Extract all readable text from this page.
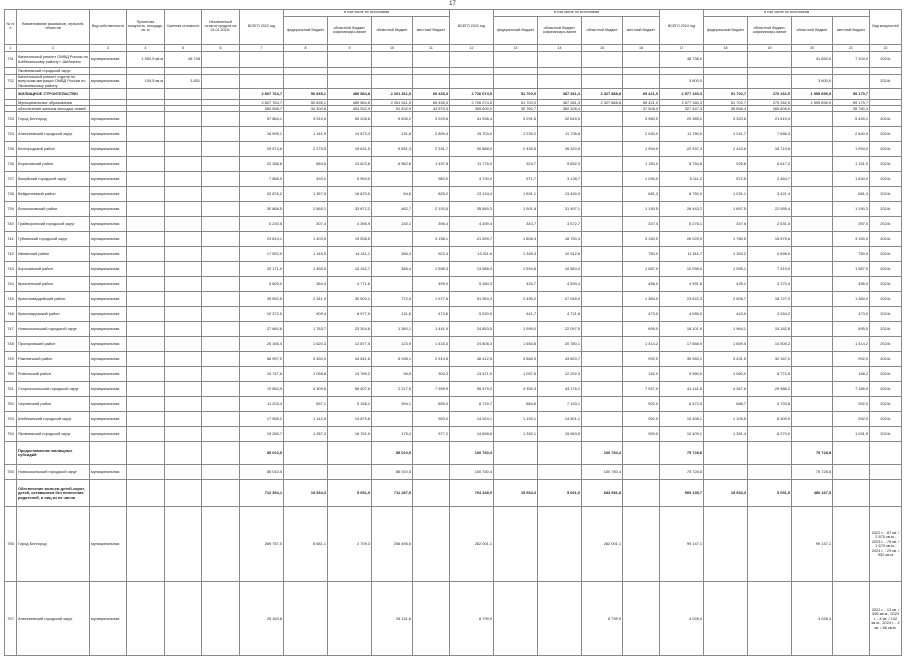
17
№ п/п	Наименование заказчиков, отраслей, объектов	Вид собственности	Проектная мощность, площадь, кв. м	Сметная стоимость	Неосвоенный остаток средств на 01.01.2022г.	ВСЕГО 2022 год	в том числе по источникам				ВСЕГО 2023 год	в том числе по источникам				ВСЕГО 2024 год	в том числе по источникам				Вид мощностей
							федеральный бюджет	областной бюджет, софинансиро-вание	областной бюджет	местный бюджет		федеральный бюджет	областной бюджет, софинансиро-вание	областной бюджет	местный бюджет		федеральный бюджет	областной бюджет, софинансиро-вание	областной бюджет	местный бюджет	
1	2	3	4	5	6	7	8	9	10	11	12	13	14	15	16	17	18	19	20	21	22
731	Капитальный ремонт ОМВД России по Шебекинскому району г. Шебекино	муниципальная	1 952,5 кв.м	48 738												48 738,0			41 854,0	7 104,0	2024г.
	Яковлевский городской округ																				
732	Капитальный ремонт отдела по вопросам миграции ОМВД России по Яковлевскому району	муниципальная	109,5 кв.м	3 831												3 800,0			3 800,0		2024г.
	ЖИЛИЩНОЕ СТРОИТЕЛЬСТВО					2 807 764,7	50 835,1	489 584,8	2 261 811,5	65 435,3	2 726 074,5	51 700,0	387 361,3	2 327 888,8	69 421,0	2 577 160,3	51 702,7	270 262,5	1 995 895,9	59 179,7	
	Муниципальные образования					2 807 764,7	50 835,1	489 584,8	2 261 811,5	65 435,3	2 726 074,5	51 700,0	387 361,3	2 327 888,8	69 421,0	2 577 160,3	51 702,7	270 262,5	1 995 895,9	59 179,7	
	обеспечение жильем молодых семей					583 598,7	34 300,8	454 532,9	51 532,9	43 575,3	455 600,0	35 760,7	382 328,4		37 508,0	327 447,3	35 858,4	265 808,6		35 780,3	
733	Город Белгород	муниципальная				57 884,1	3 910,5	50 208,8	9 835,2	3 929,6	41 938,4	3 291,5	32 649,5		3 980,0	20 389,2	3 320,6	21 619,4		5 449,1	2024г.
734	Алексеевский городской округ	муниципальная				18 995,1	1 141,9	14 873,3	131,8	2 869,4	15 703,0	1 239,2	11 735,8		2 930,0	11 780,0	1 241,7	7 656,3		2 840,0	2024г.
735	Белгородский район	муниципальная				29 574,6	2 275,5	19 631,5	5 551,3	2 331,7	30 888,0	2 439,5	26 320,5		1 994,0	22 937,4	2 443,6	18 719,8		1 994,0	2024г.
736	Борисовский район	муниципальная				22 286,8	884,5	13 823,8	6 982,6	1 497,8	11 778,0	924,7	9 852,3		1 150,0	8 754,8	926,8	6 617,0		1 151,0	2024г.
737	Валуйский городской округ	муниципальная				7 868,9	493,0	5 994,0		980,0	4 794,0	571,7	3 128,7		1 094,0	5 111,2	572,5	2 464,7		1 634,0	2024г.
738	Вейделевский район	муниципальная				20 876,2	1 357,5	16 870,5	84,6	826,2	13 134,4	1 891,1	13 430,0		681,3	8 750,0	1 031,1	3 421,4		681,3	2024г.
739	Волоконовский район	муниципальная				30 868,5	2 565,1	33 872,2	482,7	2 193,5	35 689,3	1 901,8	31 497,1		1 190,5	26 443,2	1 897,5	22 955,4		1 190,3	2024г.
740	Грайворонский городской округ	муниципальная				5 230,8	307,4	4 396,9	130,1	396,4	4 459,4	343,7	3 572,7		337,0	5 276,1	347,6	2 531,5		397,0	2024г.
741	Губкинский городской округ	муниципальная				23 814,1	1 403,5	19 538,5		3 158,1	21 599,7	1 806,4	16 750,3		3 150,0	26 025,9	1 780,5	15 575,6		3 150,0	2024г.
742	Ивнянский район	муниципальная				17 592,9	1 145,5	14 411,1	366,3	922,4	13 011,8	1 349,3	10 912,6		750,0	11 811,7	1 353,2	9 698,0		750,0	2024г.
743	Корочанский район	муниципальная				20 171,0	1 455,5	15 152,7	366,4	1 598,3	13 588,3	1 594,8	10 584,4		1 587,0	10 096,0	1 059,1	7 419,9		1 587,0	2024г.
744	Красненский район	муниципальная				5 609,0	364,4	4 771,6		499,0	5 384,3	433,7	4 594,4		456,0	4 991,8	435,2	3 170,4		456,0	2024г.
745	Красногвардейский район	муниципальная				39 592,5	2 341,9	30 500,1	772,5	1 977,6	51 954,3	2 490,2	27 045,9		1 384,0	23 622,3	2 506,7	18 727,0		1 384,0	2024г.
746	Краснояружский район	муниципальная				10 372,5	609,4	8 977,9	131,6	473,6	5 520,5	441,7	4 721,8		473,0	4 085,0	443,9	3 264,2		473,0	2024г.
747	Новооскольский городской округ	муниципальная				27 860,6	1 783,7	23 304,6	1 380,1	1 441,9	24 853,5	1 959,0	22 097,5		895,0	18 101,9	1 964,1	15 182,8		895,0	2024г.
748	Прохоровский район	муниципальная				25 166,0	1 620,3	13 877,5	123,9	1 415,3	24 808,3	1 654,8	20 780,1		1 414,2	17 668,9	1 659,5	14 505,2		1 414,2	2024г.
749	Ракитянский район	муниципальная				56 997,0	3 450,0	44 541,6	5 038,1	2 914,5	48 412,5	3 883,9	43 620,7		992,0	35 983,1	3 431,5	32 167,0		992,0	2024г.
750	Ровеньский район	муниципальная				15 747,8	1 058,8	13 789,2	96,5	300,3	13 471,9	1 057,6	12 292,3		152,0	9 980,0	1 060,0	8 772,8		158,2	2024г.
751	Старооскольский городской округ	муниципальная				70 563,9	4 309,6	56 407,6	2 217,5	7 959,9	55 479,2	4 359,3	43 176,1		7 947,0	41 141,8	4 367,6	29 586,2		7 185,0	2024г.
752	Чернянский район	муниципальная				11 204,4	657,1	9 158,2	994,1	695,0	8 719,7	684,6	7 143,1		902,0	6 472,5	686,7	4 793,8		992,0	2024г.
753	Шебекинский городской округ	муниципальная				17 955,2	1 142,5	14 879,6		993,0	14 024,1	1 193,1	14 501,1		992,0	10 408,1	1 105,5	8 309,9		992,0	2024г.
754	Яковлевский городской округ	муниципальная				19 289,7	1 287,2	16 761,9	175,4	977,2	14 898,6	1 392,1	15 963,5		959,0	10 409,1	1 391,4	8 270,9		1 091,9	2024г.
	Предоставление жилищных субсидий					85 010,5			85 010,5		100 760,4			100 760,4		75 728,8			75 728,8		
755	Новооскольский городской округ	муниципальная				85 010,5			85 010,5		100 760,4			100 760,4		75 728,8			75 728,8		
	Обеспечение жильем детей-сирот, детей, оставшихся без попечения родителей, и лиц из их числа					712 354,1	15 934,3	5 051,9	711 287,5		704 349,0	15 934,3	5 061,0	683 581,8		505 135,7	15 934,3	5 051,9	480 167,5		
756	Город Белгород	муниципальная				269 787,0	8 581,1	2 709,3	258 496,6		262 001,1			262 001,1		99 147,1			99 147,1		2022 г. - 87 кв. / 2 875 кв.м., 2023 г. - 76 кв. / 1 670 кв.м., 2024 г. - 29 кв. / 952 кв.м
757	Алексеевский городской округ	муниципальная				25 160,8			25 131,6		8 799,9			8 799,9		4 028,4			4 028,4		2022 г. - 13 кв. / 396 кв.м., 2023 г. - 4 кв. / 132 кв.м., 2024 г. - 2 кв. / 66 кв.м.
